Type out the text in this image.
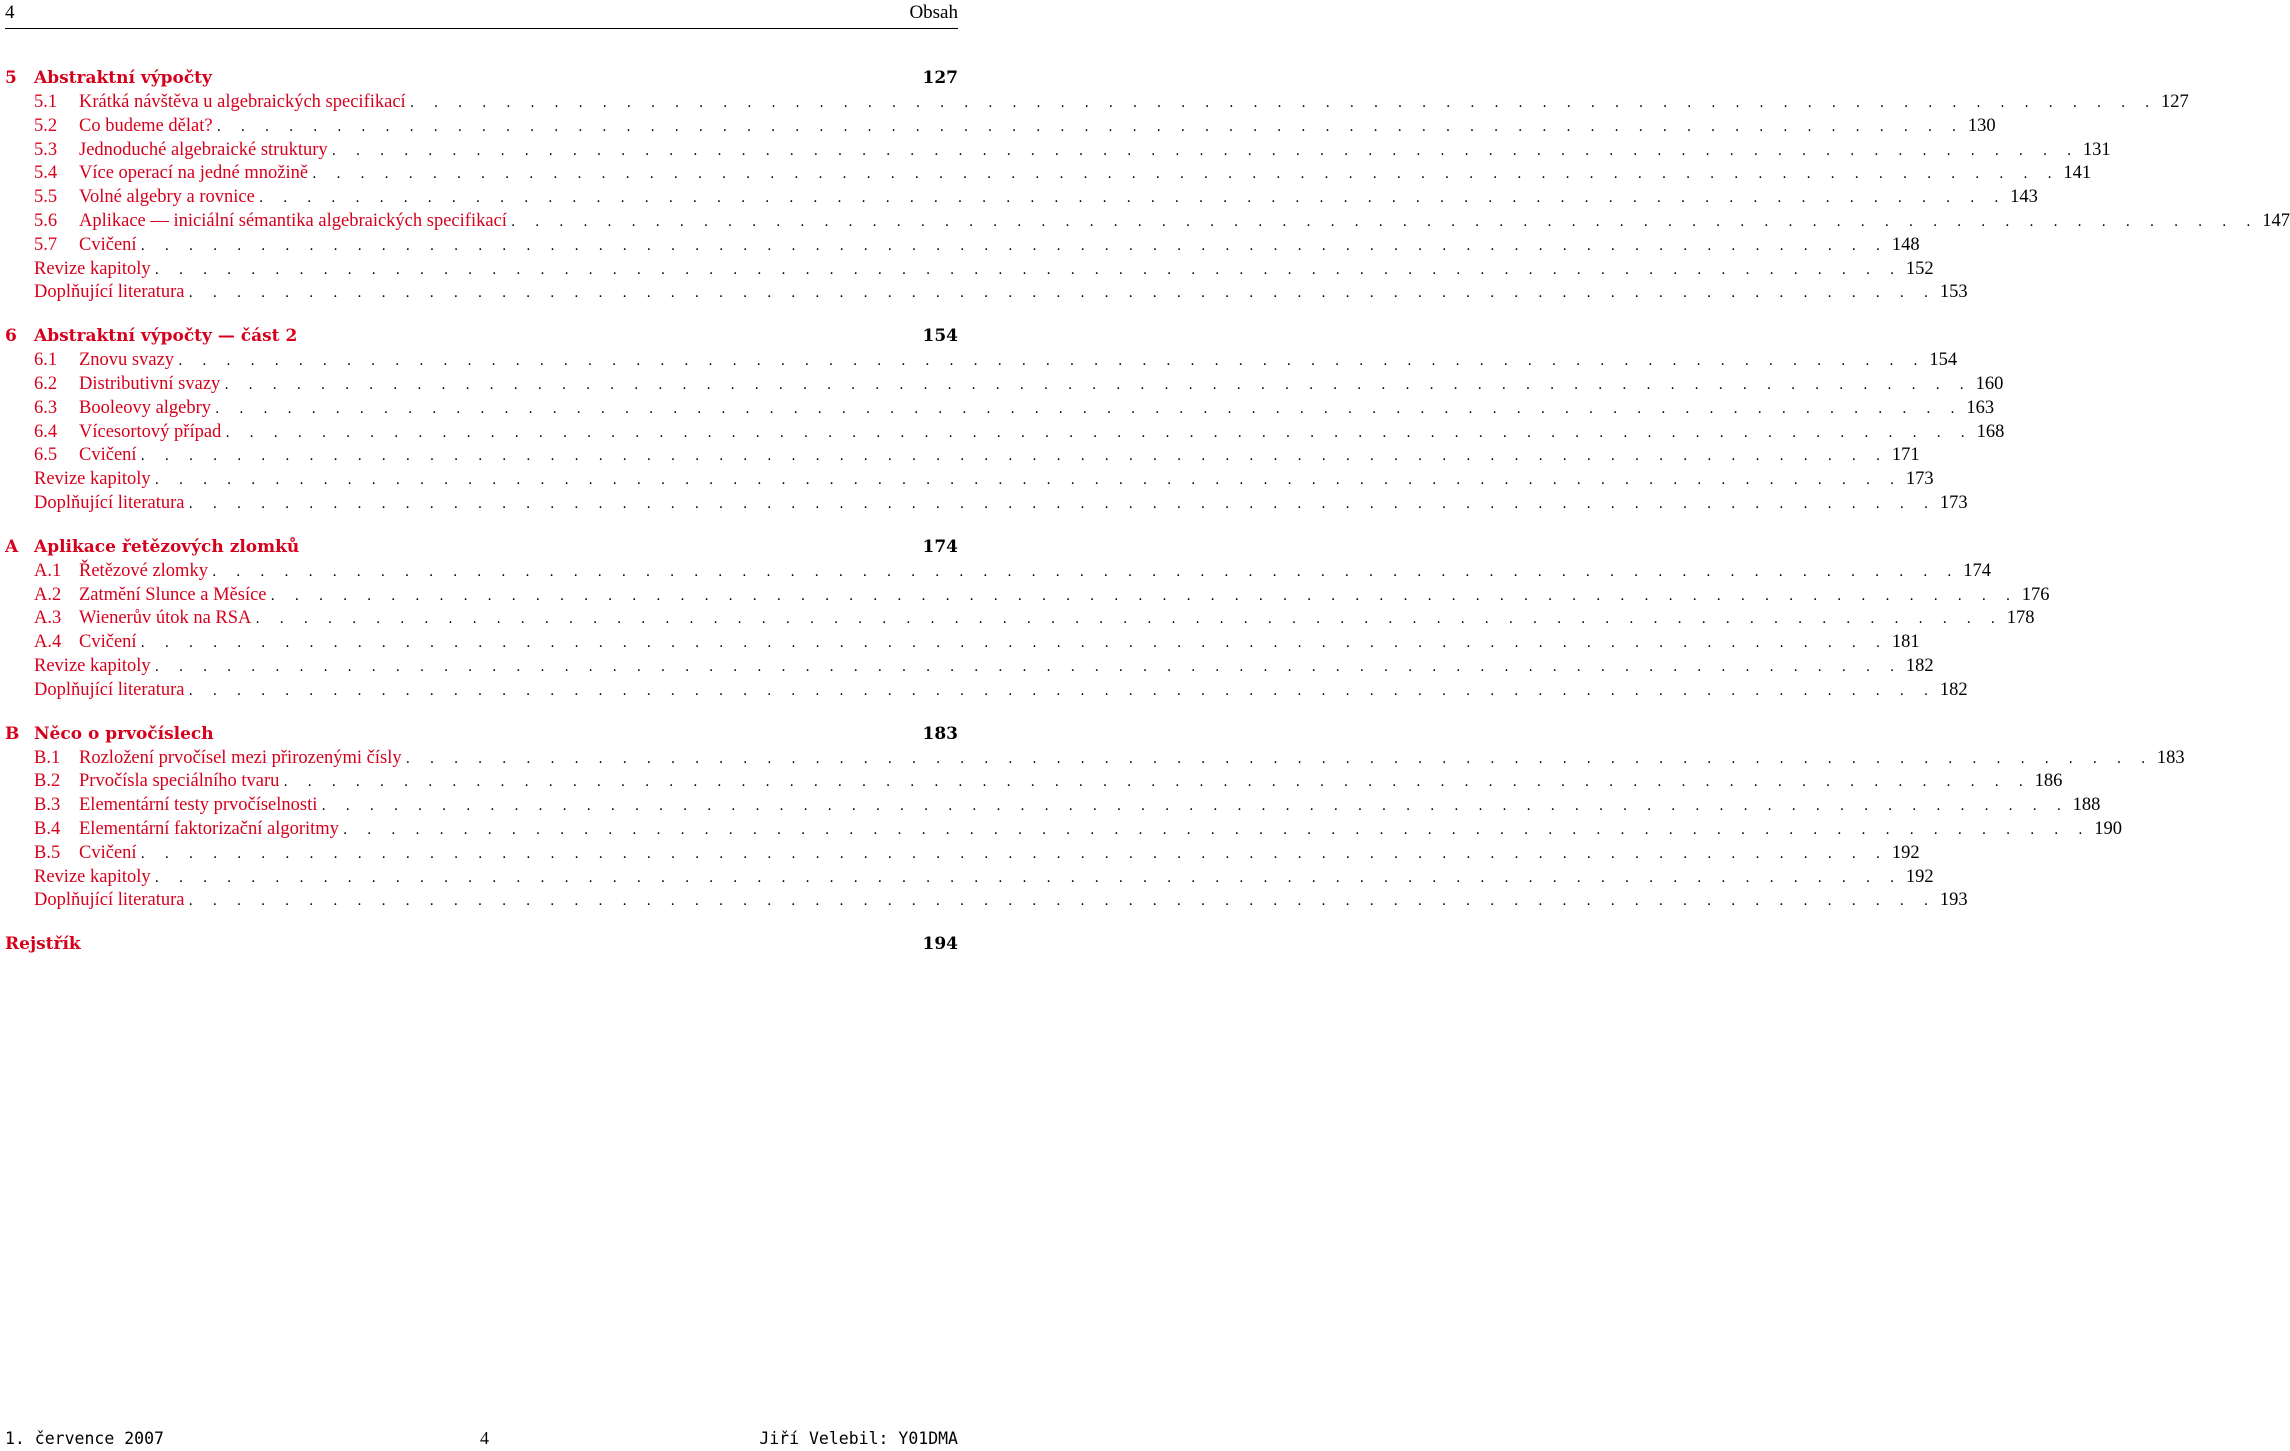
4	Obsah
5	Abstraktní výpočty	127
5.1	Krátká návštěva u algebraických specifikací . . . . . . . . . . . . . . . . . . . . . . . . . . . . . . . . . . . . . . . . . . . . . . . . . . . . . . . . . . . . . . . . . . . . . . . . . 127
5.2	Co budeme dělat? . . . . . . . . . . . . . . . . . . . . . . . . . . . . . . . . . . . . . . . . . . . . . . . . . . . . . . . . . . . . . . . . . . . . . . . . . 130
5.3	Jednoduché algebraické struktury . . . . . . . . . . . . . . . . . . . . . . . . . . . . . . . . . . . . . . . . . . . . . . . . . . . . . . . . . . . . . . . . . . . . . . . . . 131
5.4	Více operací na jedné množině . . . . . . . . . . . . . . . . . . . . . . . . . . . . . . . . . . . . . . . . . . . . . . . . . . . . . . . . . . . . . . . . . . . . . . . . . 141
5.5	Volné algebry a rovnice . . . . . . . . . . . . . . . . . . . . . . . . . . . . . . . . . . . . . . . . . . . . . . . . . . . . . . . . . . . . . . . . . . . . . . . . . 143
5.6	Aplikace — iniciální sémantika algebraických specifikací . . . . . . . . . . . . . . . . . . . . . . . . . . . . . . . . . . . . . . . . . . . . . . . . . . . . . . . . . . . . . . . . . . . . . . . . . 147
5.7	Cvičení . . . . . . . . . . . . . . . . . . . . . . . . . . . . . . . . . . . . . . . . . . . . . . . . . . . . . . . . . . . . . . . . . . . . . . . . . 148
Revize kapitoly . . . . . . . . . . . . . . . . . . . . . . . . . . . . . . . . . . . . . . . . . . . . . . . . . . . . . . . . . . . . . . . . . . . . . . . . . 152
Doplňující literatura . . . . . . . . . . . . . . . . . . . . . . . . . . . . . . . . . . . . . . . . . . . . . . . . . . . . . . . . . . . . . . . . . . . . . . . . . 153
6	Abstraktní výpočty — část 2	154
6.1	Znovu svazy . . . . . . . . . . . . . . . . . . . . . . . . . . . . . . . . . . . . . . . . . . . . . . . . . . . . . . . . . . . . . . . . . . . . . . . . . 154
6.2	Distributivní svazy . . . . . . . . . . . . . . . . . . . . . . . . . . . . . . . . . . . . . . . . . . . . . . . . . . . . . . . . . . . . . . . . . . . . . . . . . 160
6.3	Booleovy algebry . . . . . . . . . . . . . . . . . . . . . . . . . . . . . . . . . . . . . . . . . . . . . . . . . . . . . . . . . . . . . . . . . . . . . . . . . 163
6.4	Vícesortový případ . . . . . . . . . . . . . . . . . . . . . . . . . . . . . . . . . . . . . . . . . . . . . . . . . . . . . . . . . . . . . . . . . . . . . . . . . 168
6.5	Cvičení . . . . . . . . . . . . . . . . . . . . . . . . . . . . . . . . . . . . . . . . . . . . . . . . . . . . . . . . . . . . . . . . . . . . . . . . . 171
Revize kapitoly . . . . . . . . . . . . . . . . . . . . . . . . . . . . . . . . . . . . . . . . . . . . . . . . . . . . . . . . . . . . . . . . . . . . . . . . . 173
Doplňující literatura . . . . . . . . . . . . . . . . . . . . . . . . . . . . . . . . . . . . . . . . . . . . . . . . . . . . . . . . . . . . . . . . . . . . . . . . . 173
A Aplikace řetězových zlomků	174
A.1 Řetězové zlomky . . . . . . . . . . . . . . . . . . . . . . . . . . . . . . . . . . . . . . . . . . . . . . . . . . . . . . . . . . . . . . . . . . . . . . . . . 174
A.2 Zatmění Slunce a Měsíce . . . . . . . . . . . . . . . . . . . . . . . . . . . . . . . . . . . . . . . . . . . . . . . . . . . . . . . . . . . . . . . . . . . . . . . . . 176
A.3 Wienerův útok na RSA . . . . . . . . . . . . . . . . . . . . . . . . . . . . . . . . . . . . . . . . . . . . . . . . . . . . . . . . . . . . . . . . . . . . . . . . . 178
A.4 Cvičení . . . . . . . . . . . . . . . . . . . . . . . . . . . . . . . . . . . . . . . . . . . . . . . . . . . . . . . . . . . . . . . . . . . . . . . . . 181
Revize kapitoly . . . . . . . . . . . . . . . . . . . . . . . . . . . . . . . . . . . . . . . . . . . . . . . . . . . . . . . . . . . . . . . . . . . . . . . . . 182
Doplňující literatura . . . . . . . . . . . . . . . . . . . . . . . . . . . . . . . . . . . . . . . . . . . . . . . . . . . . . . . . . . . . . . . . . . . . . . . . . 182
B Něco o prvočíslech	183
B.1	Rozložení prvočísel mezi přirozenými čísly . . . . . . . . . . . . . . . . . . . . . . . . . . . . . . . . . . . . . . . . . . . . . . . . . . . . . . . . . . . . . . . . . . . . . . . . . 183
B.2	Prvočísla speciálního tvaru . . . . . . . . . . . . . . . . . . . . . . . . . . . . . . . . . . . . . . . . . . . . . . . . . . . . . . . . . . . . . . . . . . . . . . . . . 186
B.3	Elementární testy prvočíselnosti . . . . . . . . . . . . . . . . . . . . . . . . . . . . . . . . . . . . . . . . . . . . . . . . . . . . . . . . . . . . . . . . . . . . . . . . . 188
B.4	Elementární faktorizační algoritmy . . . . . . . . . . . . . . . . . . . . . . . . . . . . . . . . . . . . . . . . . . . . . . . . . . . . . . . . . . . . . . . . . . . . . . . . . 190
B.5	Cvičení . . . . . . . . . . . . . . . . . . . . . . . . . . . . . . . . . . . . . . . . . . . . . . . . . . . . . . . . . . . . . . . . . . . . . . . . . 192
Revize kapitoly . . . . . . . . . . . . . . . . . . . . . . . . . . . . . . . . . . . . . . . . . . . . . . . . . . . . . . . . . . . . . . . . . . . . . . . . . 192
Doplňující literatura . . . . . . . . . . . . . . . . . . . . . . . . . . . . . . . . . . . . . . . . . . . . . . . . . . . . . . . . . . . . . . . . . . . . . . . . . 193
Rejstřík	194
1. července 2007	4	Jiří Velebil: Y01DMA
